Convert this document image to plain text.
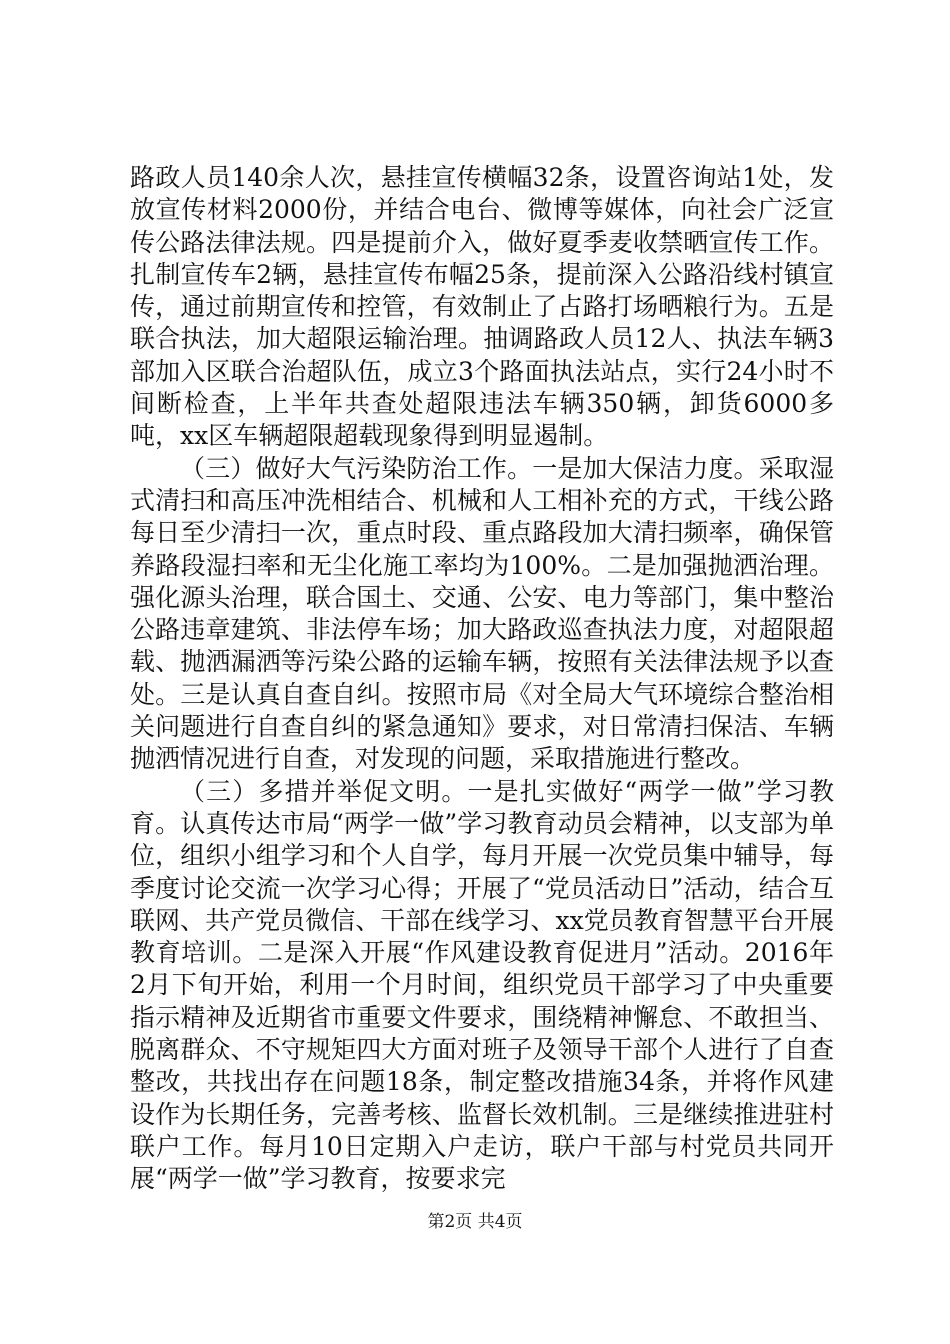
路政人员140余人次，悬挂宣传横幅32条，设置咨询站1处，发放宣传材料2000份，并结合电台、微博等媒体，向社会广泛宣传公路法律法规。四是提前介入，做好夏季麦收禁晒宣传工作。扎制宣传车2辆，悬挂宣传布幅25条，提前深入公路沿线村镇宣传，通过前期宣传和控管，有效制止了占路打场晒粮行为。五是联合执法，加大超限运输治理。抽调路政人员12人、执法车辆3部加入区联合治超队伍，成立3个路面执法站点，实行24小时不间断检查，上半年共查处超限违法车辆350辆，卸货6000多吨，xx区车辆超限超载现象得到明显遏制。

（三）做好大气污染防治工作。一是加大保洁力度。采取湿式清扫和高压冲洗相结合、机械和人工相补充的方式，干线公路每日至少清扫一次，重点时段、重点路段加大清扫频率，确保管养路段湿扫率和无尘化施工率均为100%。二是加强抛洒治理。强化源头治理，联合国土、交通、公安、电力等部门，集中整治公路违章建筑、非法停车场；加大路政巡查执法力度，对超限超载、抛洒漏洒等污染公路的运输车辆，按照有关法律法规予以查处。三是认真自查自纠。按照市局《对全局大气环境综合整治相关问题进行自查自纠的紧急通知》要求，对日常清扫保洁、车辆抛洒情况进行自查，对发现的问题，采取措施进行整改。

（三）多措并举促文明。一是扎实做好“两学一做”学习教育。认真传达市局“两学一做”学习教育动员会精神，以支部为单位，组织小组学习和个人自学，每月开展一次党员集中辅导，每季度讨论交流一次学习心得；开展了“党员活动日”活动，结合互联网、共产党员微信、干部在线学习、xx党员教育智慧平台开展教育培训。二是深入开展“作风建设教育促进月”活动。2016年2月下旬开始，利用一个月时间，组织党员干部学习了中央重要指示精神及近期省市重要文件要求，围绕精神懈怠、不敢担当、脱离群众、不守规矩四大方面对班子及领导干部个人进行了自查整改，共找出存在问题18条，制定整改措施34条，并将作风建设作为长期任务，完善考核、监督长效机制。三是继续推进驻村联户工作。每月10日定期入户走访，联户干部与村党员共同开展“两学一做”学习教育，按要求完

第2页 共4页
